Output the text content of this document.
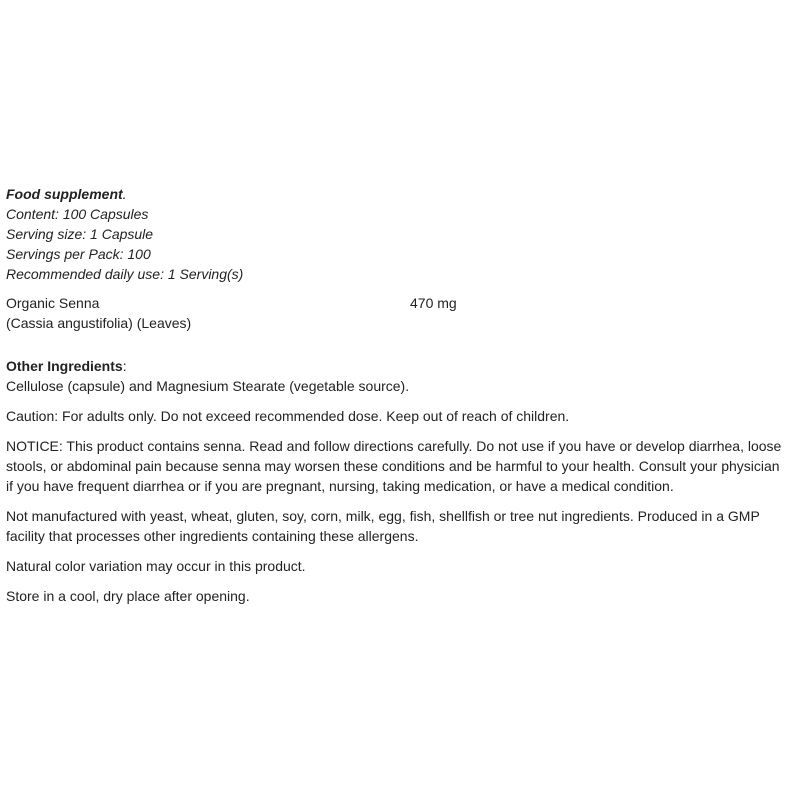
Food supplement.
Content: 100 Capsules
Serving size: 1 Capsule
Servings per Pack: 100
Recommended daily use: 1 Serving(s)
Organic Senna	470 mg
(Cassia angustifolia) (Leaves)
Other Ingredients:
Cellulose (capsule) and Magnesium Stearate (vegetable source).
Caution: For adults only. Do not exceed recommended dose. Keep out of reach of children.
NOTICE: This product contains senna. Read and follow directions carefully. Do not use if you have or develop diarrhea, loose stools, or abdominal pain because senna may worsen these conditions and be harmful to your health. Consult your physician if you have frequent diarrhea or if you are pregnant, nursing, taking medication, or have a medical condition.
Not manufactured with yeast, wheat, gluten, soy, corn, milk, egg, fish, shellfish or tree nut ingredients. Produced in a GMP facility that processes other ingredients containing these allergens.
Natural color variation may occur in this product.
Store in a cool, dry place after opening.
